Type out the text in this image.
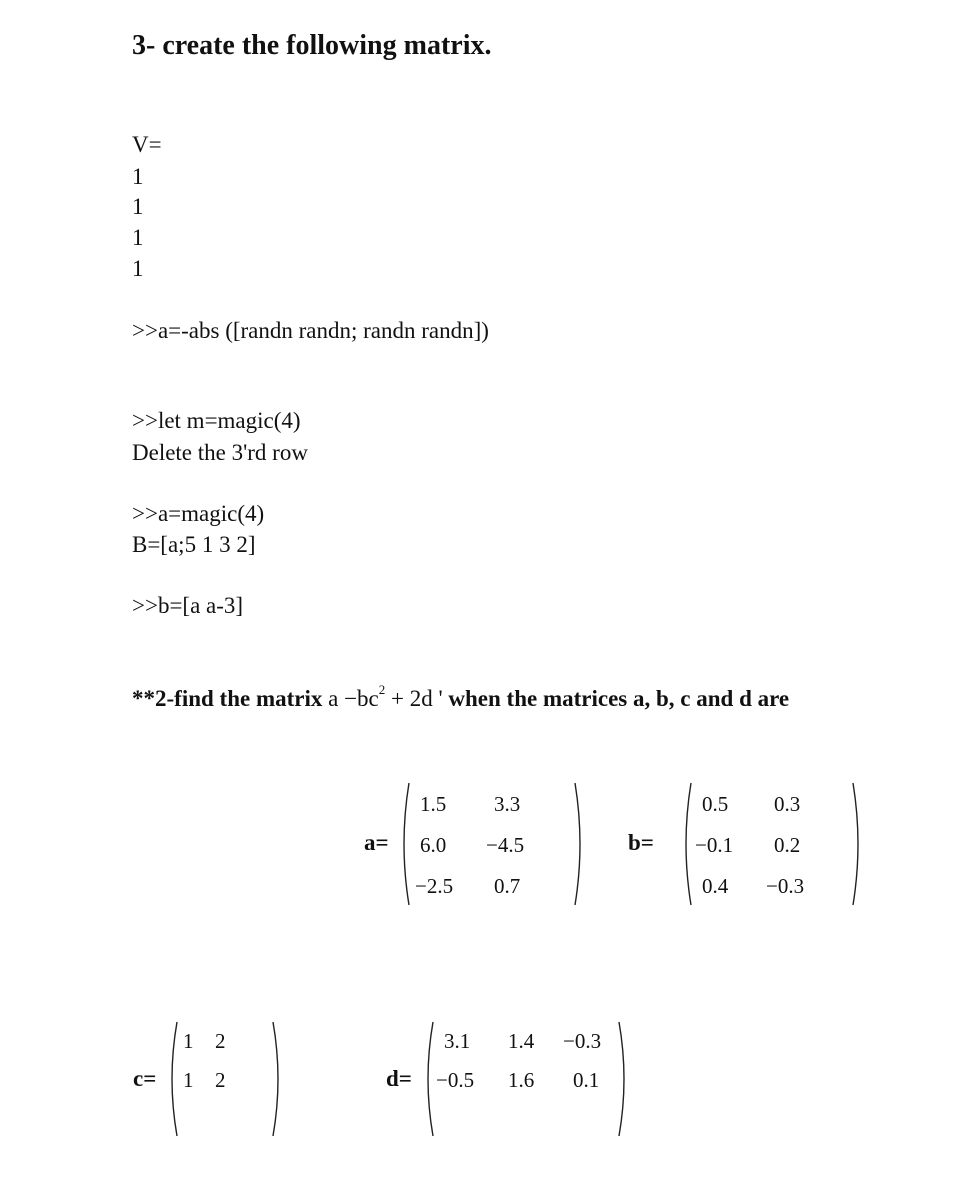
3- create the following matrix.
V=
1
1
1
1
>>a=-abs ([randn randn; randn randn])
>>let m=magic(4)
Delete the 3'rd row
>>a=magic(4)
B=[a;5 1 3 2]
>>b=[a a-3]
**2-find the matrix $a -bc^2 + 2d$ ' when the matrices a, b, c and d are
a=
1.5 3.3
6.0 −4.5
−2.5 0.7
b=
0.5 0.3
−0.1 0.2
0.4 −0.3
c=
1 2
1 2	d=
3.1 1.4 −0.3
−0.5 1.6 0.1
